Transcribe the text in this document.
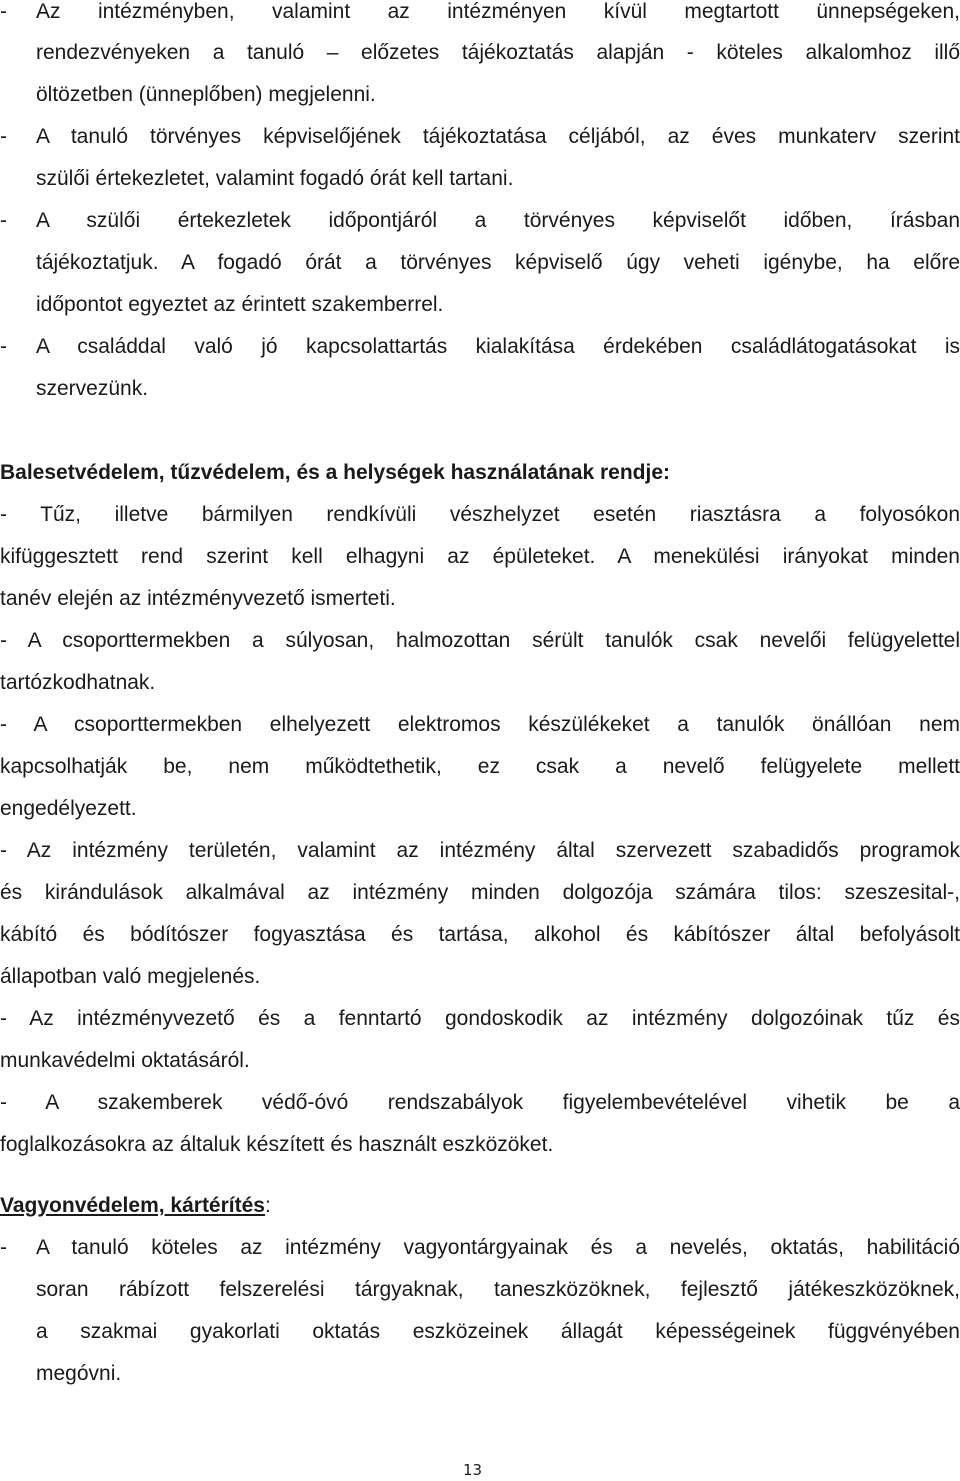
- Az intézményben, valamint az intézményen kívül megtartott ünnepségeken,
rendezvényeken a tanuló – előzetes tájékoztatás alapján - köteles alkalomhoz illő
öltözetben (ünneplőben) megjelenni.
- A tanuló törvényes képviselőjének tájékoztatása céljából, az éves munkaterv szerint
szülői értekezletet, valamint fogadó órát kell tartani.
- A szülői értekezletek időpontjáról a törvényes képviselőt időben, írásban
tájékoztatjuk. A fogadó órát a törvényes képviselő úgy veheti igénybe, ha előre
időpontot egyeztet az érintett szakemberrel.
- A családdal való jó kapcsolattartás kialakítása érdekében családlátogatásokat is
szervezünk.
Balesetvédelem, tűzvédelem, és a helységek használatának rendje:
- Tűz, illetve bármilyen rendkívüli vészhelyzet esetén riasztásra a folyosókon
kifüggesztett rend szerint kell elhagyni az épületeket. A menekülési irányokat minden
tanév elején az intézményvezető ismerteti.
- A csoporttermekben a súlyosan, halmozottan sérült tanulók csak nevelői felügyelettel
tartózkodhatnak.
- A csoporttermekben elhelyezett elektromos készülékeket a tanulók önállóan nem
kapcsolhatják be, nem működtethetik, ez csak a nevelő felügyelete mellett
engedélyezett.
- Az intézmény területén, valamint az intézmény által szervezett szabadidős programok
és kirándulások alkalmával az intézmény minden dolgozója számára tilos: szeszesital-,
kábító és bódítószer fogyasztása és tartása, alkohol és kábítószer által befolyásolt
állapotban való megjelenés.
- Az intézményvezető és a fenntartó gondoskodik az intézmény dolgozóinak tűz és
munkavédelmi oktatásáról.
- A szakemberek védő-óvó rendszabályok figyelembevételével vihetik be a
foglalkozásokra az általuk készített és használt eszközöket.
Vagyonvédelem, kártérítés:
- A tanuló köteles az intézmény vagyontárgyainak és a nevelés, oktatás, habilitáció
soran rábízott felszerelési tárgyaknak, taneszközöknek, fejlesztő játékeszközöknek,
a szakmai gyakorlati oktatás eszközeinek állagát képességeinek függvényében
megóvni.
13
